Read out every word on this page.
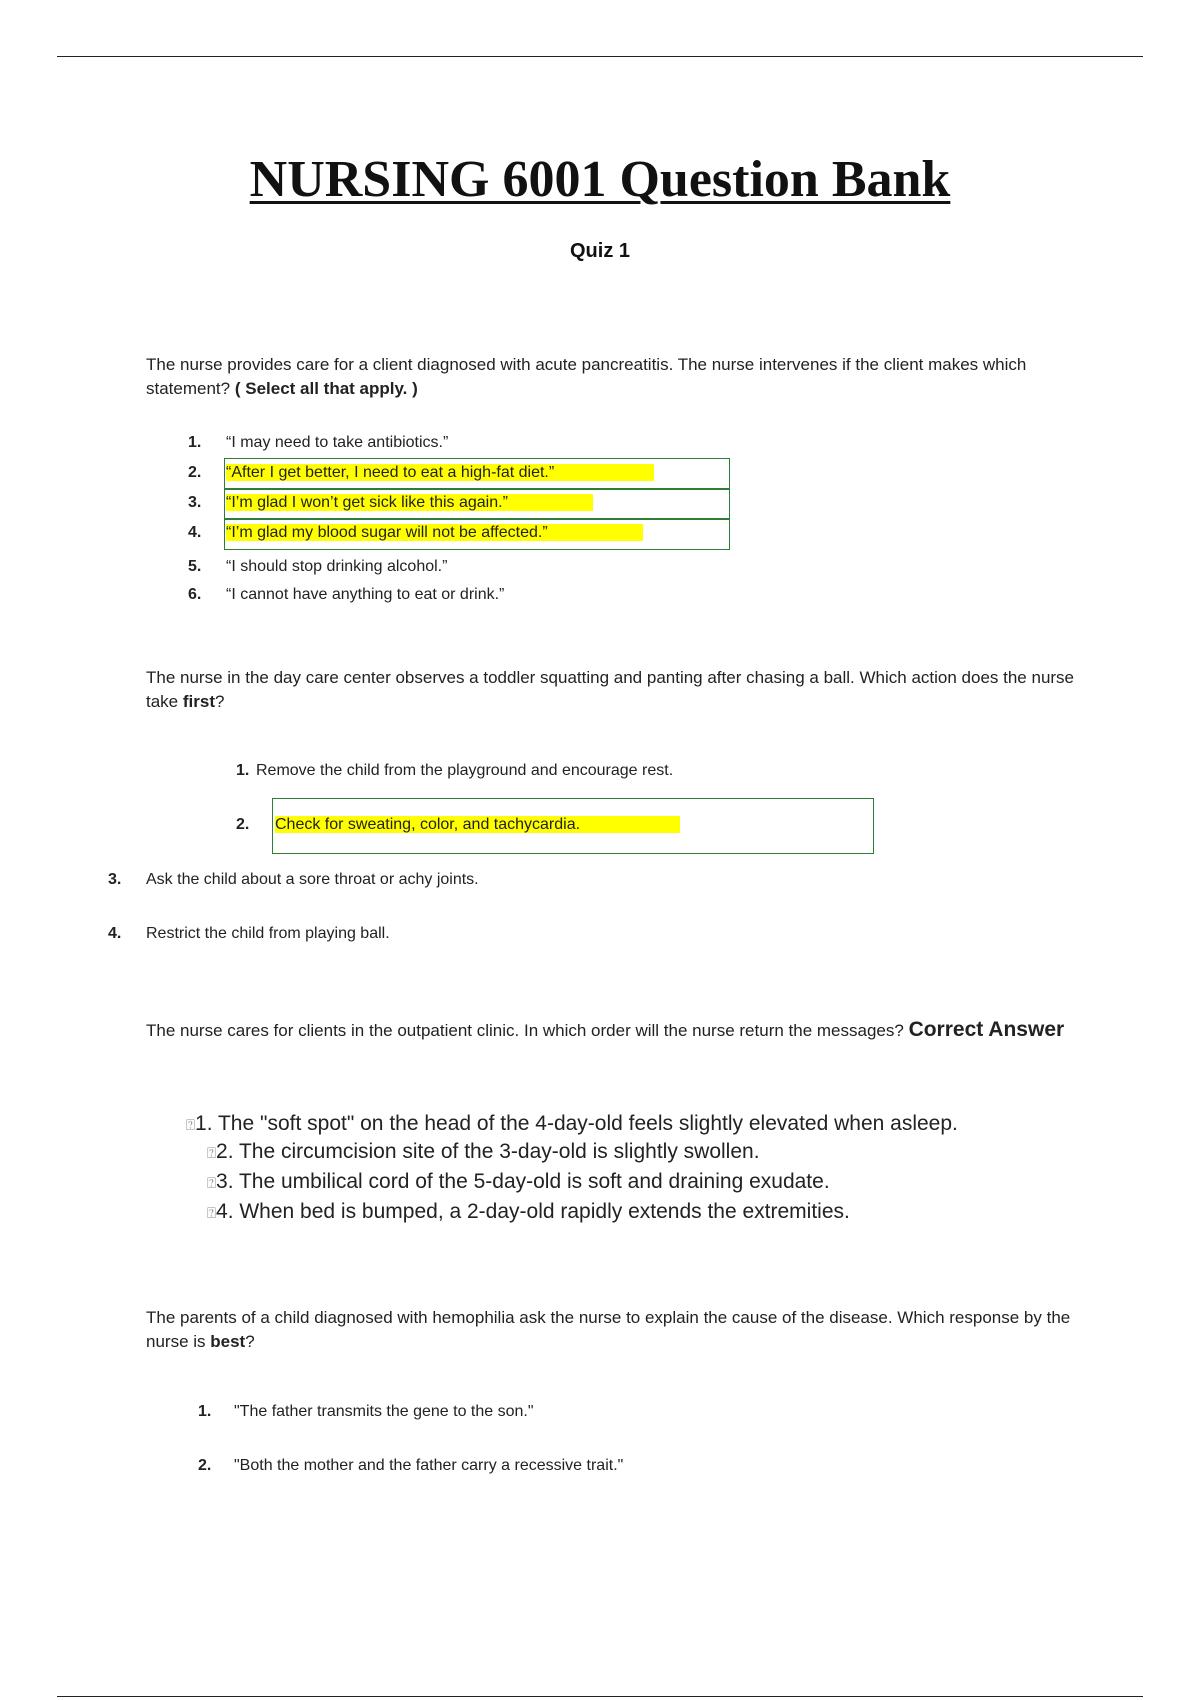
NURSING 6001 Question Bank
Quiz 1
The nurse provides care for a client diagnosed with acute pancreatitis. The nurse intervenes if the client makes which statement? ( Select all that apply. )
1. “I may need to take antibiotics.”
2. “After I get better, I need to eat a high-fat diet.”
3. “I’m glad I won’t get sick like this again.”
4. “I’m glad my blood sugar will not be affected.”
5. “I should stop drinking alcohol.”
6. “I cannot have anything to eat or drink.”
The nurse in the day care center observes a toddler squatting and panting after chasing a ball. Which action does the nurse take first?
1. Remove the child from the playground and encourage rest.
2. Check for sweating, color, and tachycardia.
3. Ask the child about a sore throat or achy joints.
4. Restrict the child from playing ball.
The nurse cares for clients in the outpatient clinic. In which order will the nurse return the messages? Correct Answer
⍰1. The "soft spot" on the head of the 4-day-old feels slightly elevated when asleep.
⍰2. The circumcision site of the 3-day-old is slightly swollen.
⍰3. The umbilical cord of the 5-day-old is soft and draining exudate.
⍰4. When bed is bumped, a 2-day-old rapidly extends the extremities.
The parents of a child diagnosed with hemophilia ask the nurse to explain the cause of the disease. Which response by the nurse is best?
1. "The father transmits the gene to the son."
2. "Both the mother and the father carry a recessive trait."
